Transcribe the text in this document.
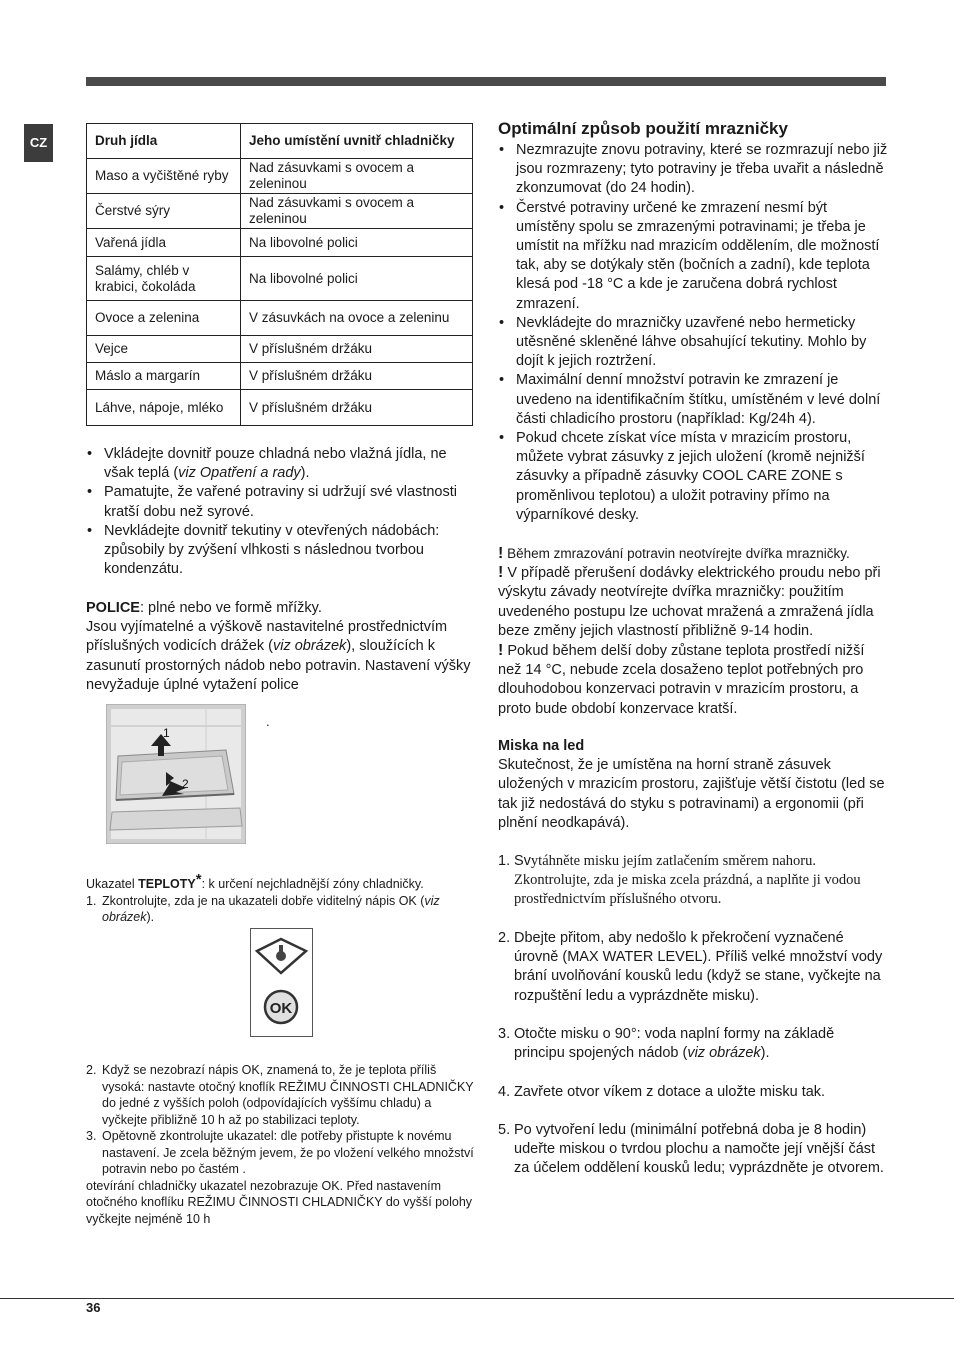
CZ	Druh jídla	Jeho umístění uvnitř chladničky
Maso a vyčištěné ryby	Nad zásuvkami s ovocem a zeleninou
Čerstvé sýry	Nad zásuvkami s ovocem a zeleninou
Vařená jídla	Na libovolné polici
Salámy, chléb v krabici, čokoláda	Na libovolné polici
Ovoce a zelenina	V zásuvkách na ovoce a zeleninu
Vejce	V příslušném držáku
Máslo a margarín	V příslušném držáku
Láhve, nápoje, mléko	V příslušném držáku
• Vkládejte dovnitř pouze chladná nebo vlažná jídla, ne však teplá (viz Opatření a rady).
• Pamatujte, že vařené potraviny si udržují své vlastnosti kratší dobu než syrové.
• Nevkládejte dovnitř tekutiny v otevřených nádobách: způsobily by zvýšení vlhkosti s následnou tvorbou kondenzátu.

POLICE: plné nebo ve formě mřížky.

Jsou vyjímatelné a výškově nastavitelné prostřednictvím příslušných vodicích drážek (viz obrázek), sloužících k zasunutí prostorných nádob nebo potravin. Nastavení výšky nevyžaduje úplné vytažení police

1
2
.
Ukazatel TEPLOTY*: k určení nejchladnější zóny chladničky.
1. Zkontrolujte, zda je na ukazateli dobře viditelný nápis OK (viz obrázek).
OK
2. Když se nezobrazí nápis OK, znamená to, že je teplota příliš vysoká: nastavte otočný knoflík REŽIMU ČINNOSTI CHLADNIČKY do jedné z vyšších poloh (odpovídajících vyššímu chladu) a vyčkejte přibližně 10 h až po stabilizaci teploty.
3. Opětovně zkontrolujte ukazatel: dle potřeby přistupte k novému nastavení. Je zcela běžným jevem, že po vložení velkého množství potravin nebo po častém .
otevírání chladničky ukazatel nezobrazuje OK. Před nastavením otočného knoflíku REŽIMU ČINNOSTI CHLADNIČKY do vyšší polohy vyčkejte nejméně 10 h
Optimální způsob použití mrazničky
• Nezmrazujte znovu potraviny, které se rozmrazují nebo již jsou rozmrazeny; tyto potraviny je třeba uvařit a následně zkonzumovat (do 24 hodin).
• Čerstvé potraviny určené ke zmrazení nesmí být umístěny spolu se zmrazenými potravinami; je třeba je umístit na mřížku nad mrazicím oddělením, dle možností tak, aby se dotýkaly stěn (bočních a zadní), kde teplota klesá pod -18 °C a kde je zaručena dobrá rychlost zmrazení.
• Nevkládejte do mrazničky uzavřené nebo hermeticky utěsněné skleněné láhve obsahující tekutiny. Mohlo by dojít k jejich roztržení.
• Maximální denní množství potravin ke zmrazení je uvedeno na identifikačním štítku, umístěném v levé dolní části chladicího prostoru (například: Kg/24h 4).
• Pokud chcete získat více místa v mrazicím prostoru, můžete vybrat zásuvky z jejich uložení (kromě nejnižší zásuvky a případně zásuvky COOL CARE ZONE s proměnlivou teplotou) a uložit potraviny přímo na výparníkové desky.
! Během zmrazování potravin neotvírejte dvířka mrazničky.
! V případě přerušení dodávky elektrického proudu nebo při výskytu závady neotvírejte dvířka mrazničky: použitím uvedeného postupu lze uchovat mražená a zmražená jídla beze změny jejich vlastností přibližně 9-14 hodin.
! Pokud během delší doby zůstane teplota prostředí nižší než 14 °C, nebude zcela dosaženo teplot potřebných pro dlouhodobou konzervaci potravin v mrazicím prostoru, a proto bude období konzervace kratší.
Miska na led
Skutečnost, že je umístěna na horní straně zásuvek uložených v mrazicím prostoru, zajišťuje větší čistotu (led se tak již nedostává do styku s potravinami) a ergonomii (při plnění neodkapává).
1. Svytáhněte misku jejím zatlačením směrem nahoru. Zkontrolujte, zda je miska zcela prázdná, a naplňte ji vodou prostřednictvím příslušného otvoru.
2. Dbejte přitom, aby nedošlo k překročení vyznačené úrovně (MAX WATER LEVEL). Příliš velké množství vody brání uvolňování kousků ledu (když se stane, vyčkejte na rozpuštění ledu a vyprázdněte misku).
3. Otočte misku o 90°: voda naplní formy na základě principu spojených nádob (viz obrázek).
4. Zavřete otvor víkem z dotace a uložte misku tak.
5. Po vytvoření ledu (minimální potřebná doba je 8 hodin) udeřte miskou o tvrdou plochu a namočte její vnější část za účelem oddělení kousků ledu; vyprázdněte je otvorem.
36
